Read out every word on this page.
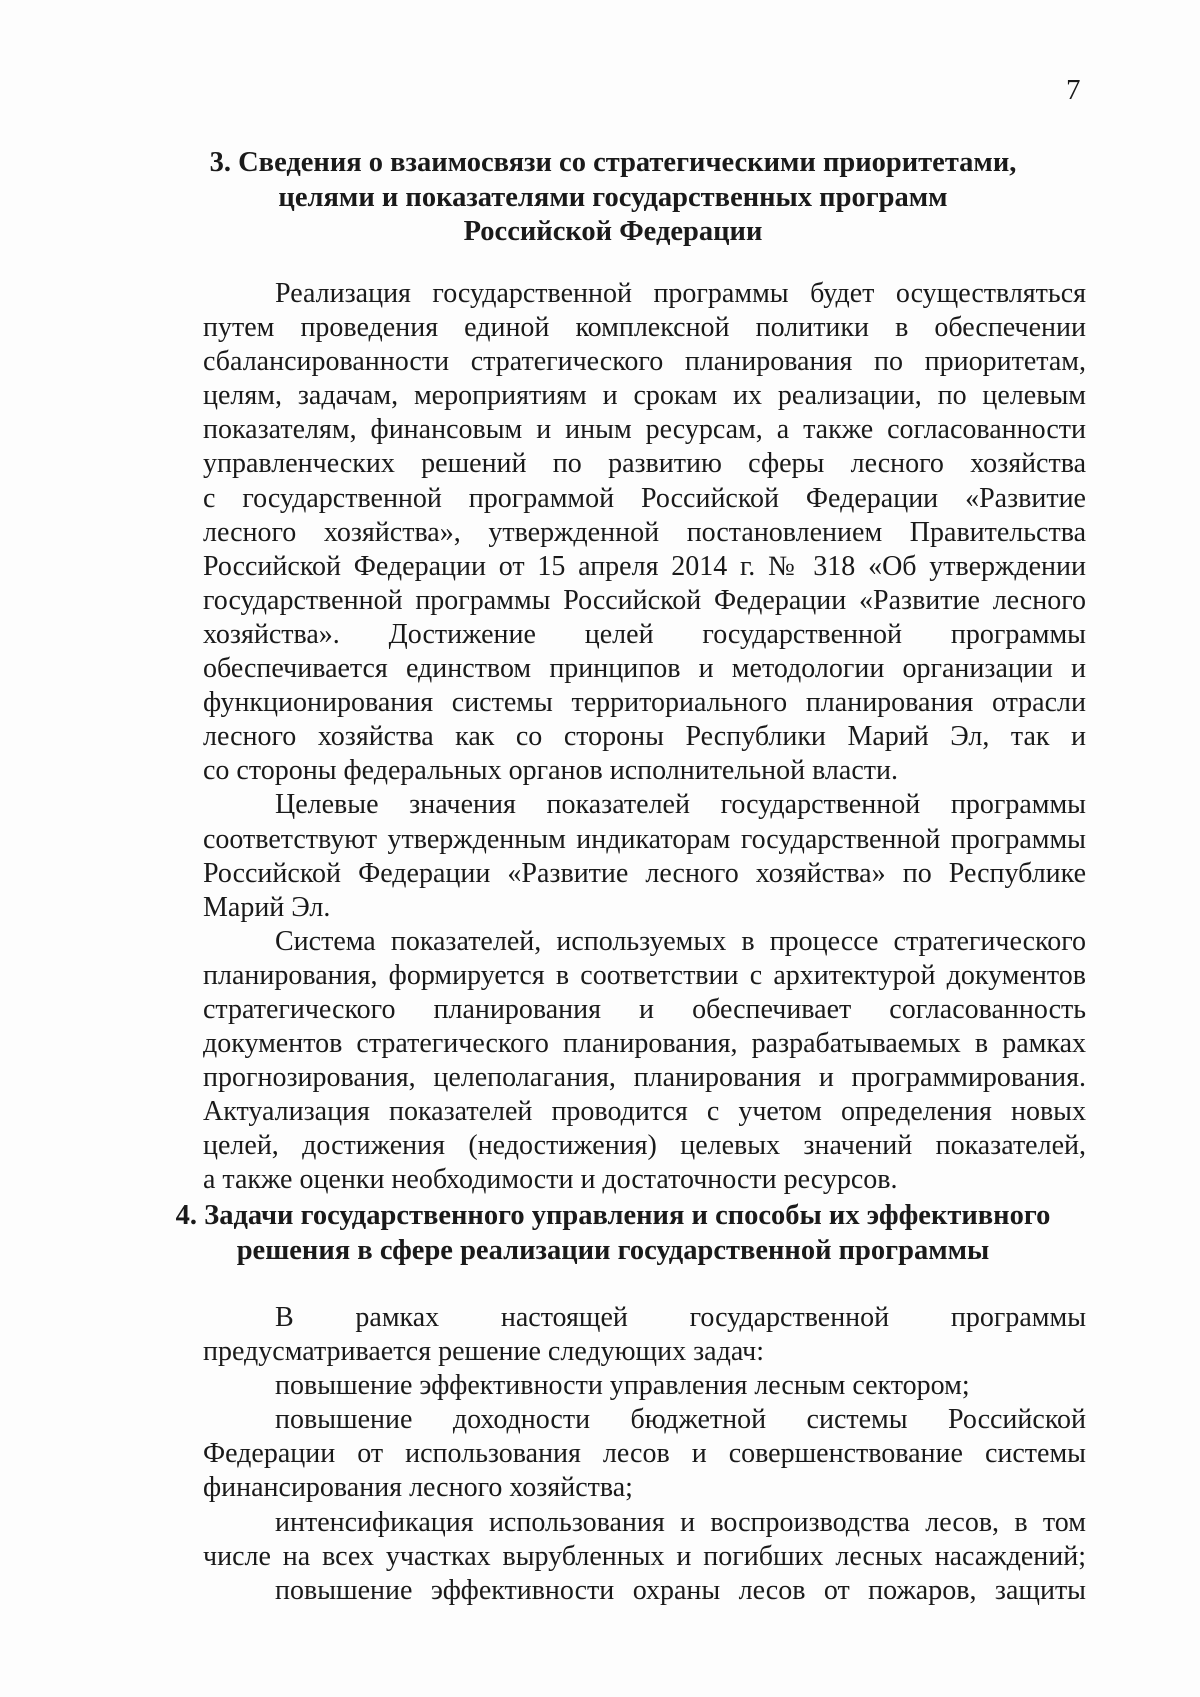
7
3. Сведения о взаимосвязи со стратегическими приоритетами,
целями и показателями государственных программ
Российской Федерации
Реализация государственной программы будет осуществляться
путем проведения единой комплексной политики в обеспечении
сбалансированности стратегического планирования по приоритетам,
целям, задачам, мероприятиям и срокам их реализации, по целевым
показателям, финансовым и иным ресурсам, а также согласованности
управленческих решений по развитию сферы лесного хозяйства
с государственной программой Российской Федерации «Развитие
лесного хозяйства», утвержденной постановлением Правительства
Российской Федерации от 15 апреля 2014 г. № 318 «Об утверждении
государственной программы Российской Федерации «Развитие лесного
хозяйства». Достижение целей государственной программы
обеспечивается единством принципов и методологии организации и
функционирования системы территориального планирования отрасли
лесного хозяйства как со стороны Республики Марий Эл, так и
со стороны федеральных органов исполнительной власти.
Целевые значения показателей государственной программы
соответствуют утвержденным индикаторам государственной программы
Российской Федерации «Развитие лесного хозяйства» по Республике
Марий Эл.
Система показателей, используемых в процессе стратегического
планирования, формируется в соответствии с архитектурой документов
стратегического планирования и обеспечивает согласованность
документов стратегического планирования, разрабатываемых в рамках
прогнозирования, целеполагания, планирования и программирования.
Актуализация показателей проводится с учетом определения новых
целей, достижения (недостижения) целевых значений показателей,
а также оценки необходимости и достаточности ресурсов.
4. Задачи государственного управления и способы их эффективного
решения в сфере реализации государственной программы
В рамках настоящей государственной программы
предусматривается решение следующих задач:
повышение эффективности управления лесным сектором;
повышение доходности бюджетной системы Российской
Федерации от использования лесов и совершенствование системы
финансирования лесного хозяйства;
интенсификация использования и воспроизводства лесов, в том
числе на всех участках вырубленных и погибших лесных насаждений;
повышение эффективности охраны лесов от пожаров, защиты
